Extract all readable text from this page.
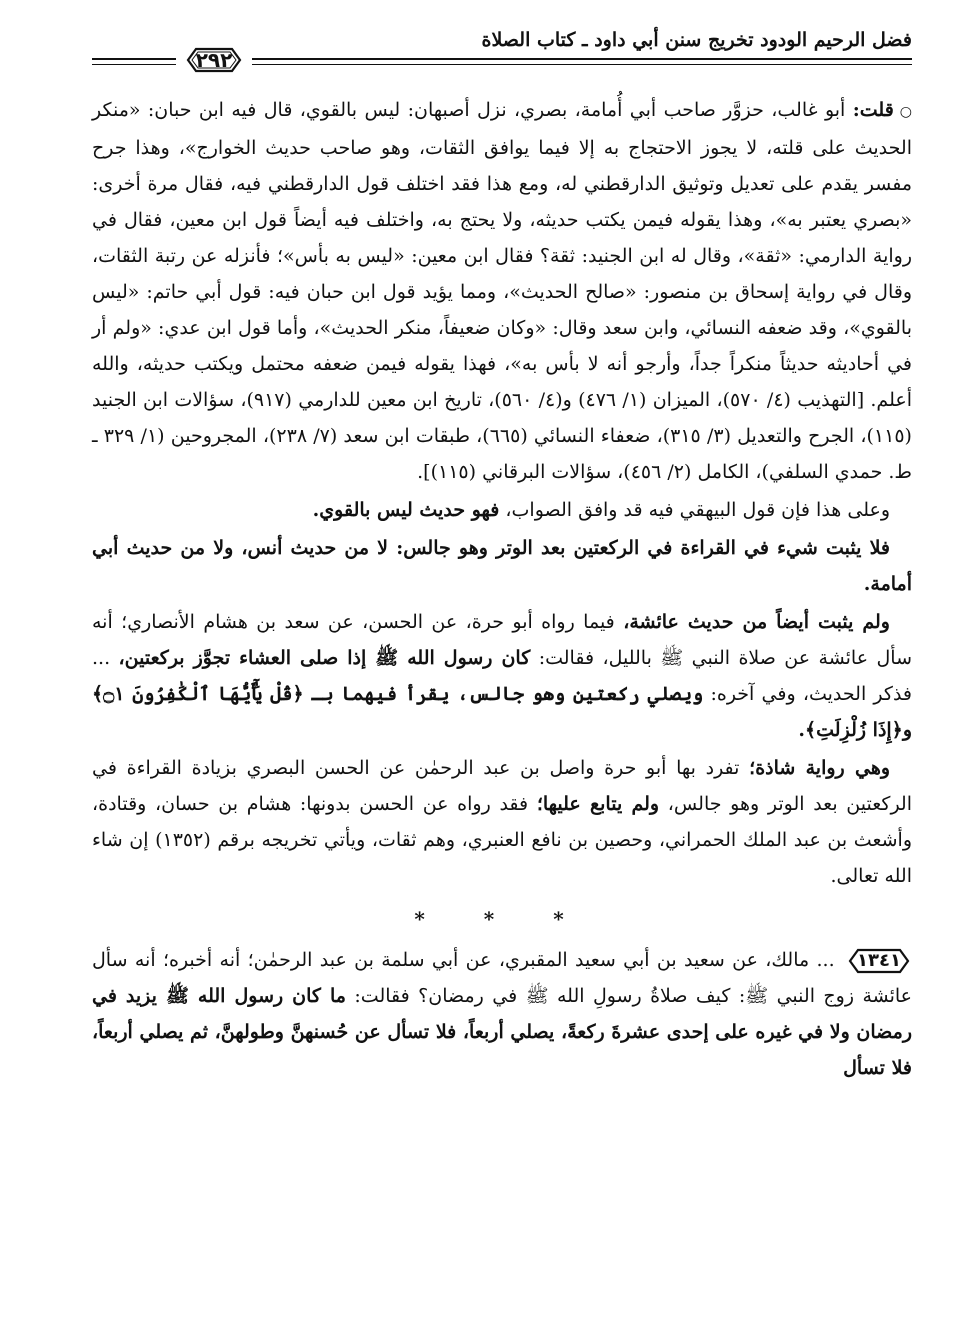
فضل الرحيم الودود تخريج سنن أبي داود ـ كتاب الصلاة
٢٩٢

○قلت: أبو غالب، حزوَّر صاحب أبي أُمامة، بصري، نزل أصبهان: ليس بالقوي، قال فيه ابن حبان: «منكر الحديث على قلته، لا يجوز الاحتجاج به إلا فيما يوافق الثقات، وهو صاحب حديث الخوارج»، وهذا جرح مفسر يقدم على تعديل وتوثيق الدارقطني له، ومع هذا فقد اختلف قول الدارقطني فيه، فقال مرة أخرى: «بصري يعتبر به»، وهذا يقوله فيمن يكتب حديثه، ولا يحتج به، واختلف فيه أيضاً قول ابن معين، فقال في رواية الدارمي: «ثقة»، وقال له ابن الجنيد: ثقة؟ فقال ابن معين: «ليس به بأس»؛ فأنزله عن رتبة الثقات، وقال في رواية إسحاق بن منصور: «صالح الحديث»، ومما يؤيد قول ابن حبان فيه: قول أبي حاتم: «ليس بالقوي»، وقد ضعفه النسائي، وابن سعد وقال: «وكان ضعيفاً، منكر الحديث»، وأما قول ابن عدي: «ولم أر في أحاديثه حديثاً منكراً جداً، وأرجو أنه لا بأس به»، فهذا يقوله فيمن ضعفه محتمل ويكتب حديثه، والله أعلم. [التهذيب (٤/ ٥٧٠)، الميزان (١/ ٤٧٦) و(٤/ ٥٦٠)، تاريخ ابن معين للدارمي (٩١٧)، سؤالات ابن الجنيد (١١٥)، الجرح والتعديل (٣/ ٣١٥)، ضعفاء النسائي (٦٦٥)، طبقات ابن سعد (٧/ ٢٣٨)، المجروحين (١/ ٣٢٩ ـ ط. حمدي السلفي)، الكامل (٢/ ٤٥٦)، سؤالات البرقاني (١١٥)].

وعلى هذا فإن قول البيهقي فيه قد وافق الصواب، فهو حديث ليس بالقوي.

فلا يثبت شيء في القراءة في الركعتين بعد الوتر وهو جالس: لا من حديث أنس، ولا من حديث أبي أمامة.

ولم يثبت أيضاً من حديث عائشة، فيما رواه أبو حرة، عن الحسن، عن سعد بن هشام الأنصاري؛ أنه سأل عائشة عن صلاة النبي ﷺ بالليل، فقالت: كان رسول الله ﷺ إذا صلى العشاء تجوَّز بركعتين، ... فذكر الحديث، وفي آخره: ويصلي ركعتين وهو جالس، يقرأ فيهما بـ ﴿قُلْ يَٰٓأَيُّهَا ٱلْكَٰفِرُونَ ۝١﴾ و﴿إِذَا زُلْزِلَتِ﴾.

وهي رواية شاذة؛ تفرد بها أبو حرة واصل بن عبد الرحمٰن عن الحسن البصري بزيادة القراءة في الركعتين بعد الوتر وهو جالس، ولم يتابع عليها؛ فقد رواه عن الحسن بدونها: هشام بن حسان، وقتادة، وأشعث بن عبد الملك الحمراني، وحصين بن نافع العنبري، وهم ثقات، ويأتي تخريجه برقم (١٣٥٢) إن شاء الله تعالى.

* * *

١٣٤١
... مالك، عن سعيد بن أبي سعيد المقبري، عن أبي سلمة بن عبد الرحمٰن؛ أنه أخبره؛ أنه سأل عائشة زوج النبي ﷺ: كيف صلاةُ رسولِ الله ﷺ في رمضان؟ فقالت: ما كان رسول الله ﷺ يزيد في رمضان ولا في غيره على إحدى عشرةَ ركعةً، يصلي أربعاً، فلا تسأل عن حُسنهنَّ وطولهنَّ، ثم يصلي أربعاً، فلا تسأل
